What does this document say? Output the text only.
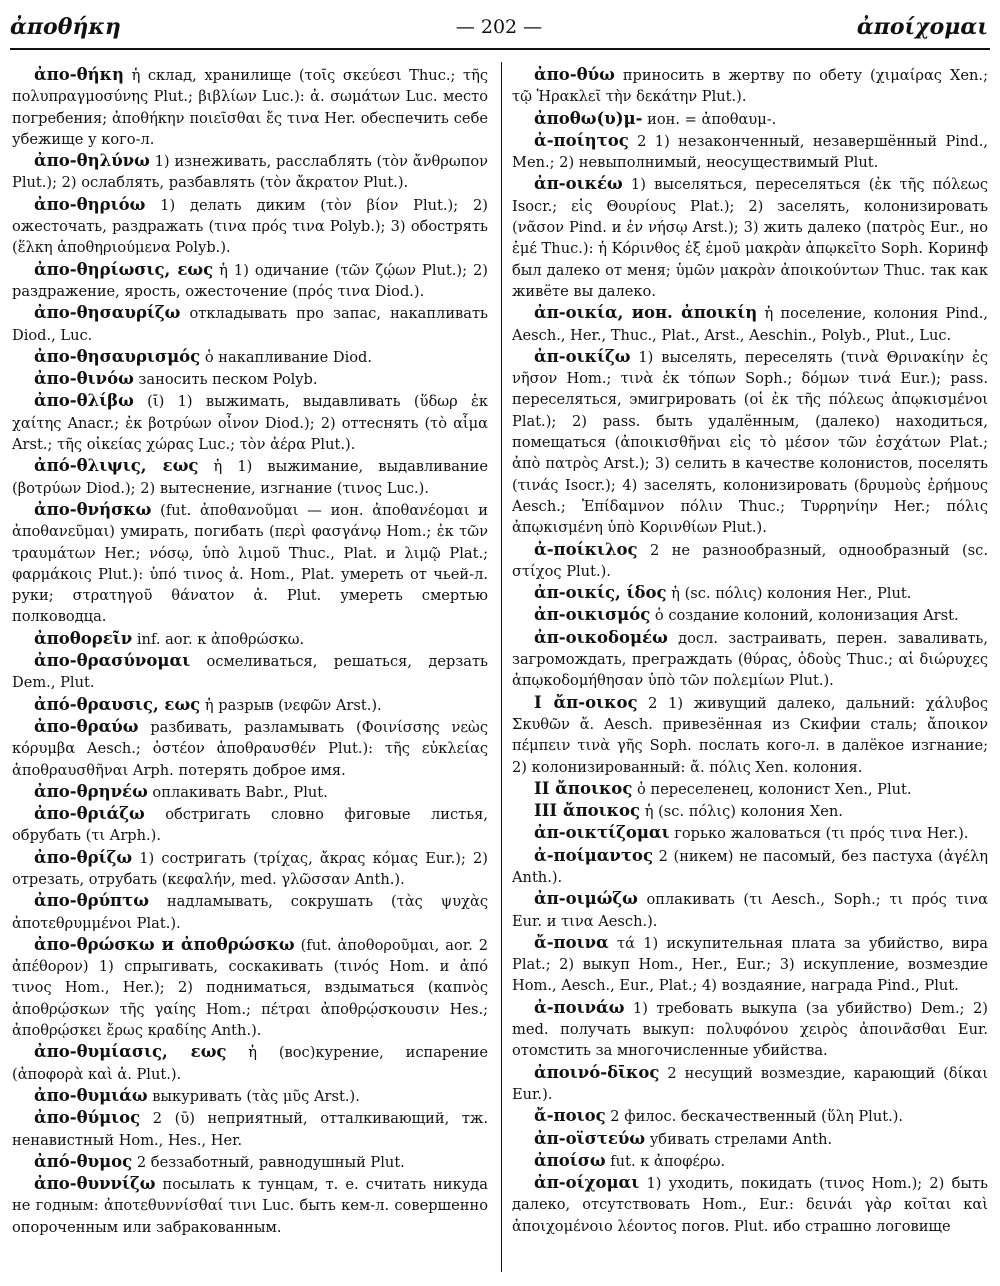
ἀποθήκη	— 202 —	ἀποίχομαι

ἀπο-θήκη ἡ склад, хранилище (τοῖς σκεύεσι Thuc.; τῆς πολυπραγμοσύνης Plut.; βιβλίων Luc.): ἀ. σωμάτων Luc. место погребения; ἀποθήκην ποιεῖσθαι ἔς τινα Her. обеспечить себе убежище у кого-л.

ἀπο-θηλύνω 1) изнеживать, расслаблять (τὸν ἄνθρωπον Plut.); 2) ослаблять, разбавлять (τὸν ἄκρατον Plut.).

ἀπο-θηριόω 1) делать диким (τὸν βίον Plut.); 2) ожесточать, раздражать (τινα πρός τινα Polyb.); 3) обострять (ἕλκη ἀποθηριούμενα Polyb.).

ἀπο-θηρίωσις, εως ἡ 1) одичание (τῶν ζῴων Plut.); 2) раздражение, ярость, ожесточение (πρός τινα Diod.).

ἀπο-θησαυρίζω откладывать про запас, накапливать Diod., Luc.

ἀπο-θησαυρισμός ὁ накапливание Diod.

ἀπο-θινόω заносить песком Polyb.

ἀπο-θλίβω (ῑ) 1) выжимать, выдавливать (ὕδωρ ἐκ χαίτης Anacr.; ἐκ βοτρύων οἶνον Diod.); 2) оттеснять (τὸ αἷμα Arst.; τῆς οἰκείας χώρας Luc.; τὸν ἀέρα Plut.).

ἀπό-θλιψις, εως ἡ 1) выжимание, выдавливание (βοτρύων Diod.); 2) вытеснение, изгнание (τινος Luc.).

ἀπο-θνήσκω (fut. ἀποθανοῦμαι — ион. ἀποθανέομαι и ἀποθανεῦμαι) умирать, погибать (περὶ φασγάνῳ Hom.; ἐκ τῶν τραυμάτων Her.; νόσῳ, ὑπὸ λιμοῦ Thuc., Plat. и λιμῷ Plat.; φαρμάκοις Plut.): ὑπό τινος ἀ. Hom., Plat. умереть от чьей-л. руки; στρατηγοῦ θάνατον ἀ. Plut. умереть смертью полководца.

ἀποθορεῖν inf. aor. к ἀποθρώσκω.

ἀπο-θρασύνομαι осмеливаться, решаться, дерзать Dem., Plut.

ἀπό-θραυσις, εως ἡ разрыв (νεφῶν Arst.).

ἀπο-θραύω разбивать, разламывать (Φοινίσσης νεὼς κόρυμβα Aesch.; ὀστέον ἀποθραυσθέν Plut.): τῆς εὐκλείας ἀποθραυσθῆναι Arph. потерять доброе имя.

ἀπο-θρηνέω оплакивать Babr., Plut.

ἀπο-θριάζω обстригать словно фиговые листья, обрубать (τι Arph.).

ἀπο-θρίζω 1) состригать (τρίχας, ἄκρας κόμας Eur.); 2) отрезать, отрубать (κεφαλήν, med. γλῶσσαν Anth.).

ἀπο-θρύπτω надламывать, сокрушать (τὰς ψυχὰς ἀποτεθρυμμένοι Plat.).

ἀπο-θρώσκω и ἀποθρώσκω (fut. ἀποθοροῦμαι, aor. 2 ἀπέθορον) 1) спрыгивать, соскакивать (τινός Hom. и ἀπό τινος Hom., Her.); 2) подниматься, вздыматься (καπνὸς ἀποθρῴσκων τῆς γαίης Hom.; πέτραι ἀποθρῴσκουσιν Hes.; ἀποθρῴσκει ἔρως κραδίης Anth.).

ἀπο-θυμίασις, εως ἡ (вос)курение, испарение (ἀποφορὰ καὶ ἀ. Plut.).

ἀπο-θυμιάω выкуривать (τὰς μῦς Arst.).

ἀπο-θύμιος 2 (ῡ) неприятный, отталкивающий, тж. ненавистный Hom., Hes., Her.

ἀπό-θυμος 2 беззаботный, равнодушный Plut.

ἀπο-θυννίζω посылать к тунцам, т. е. считать никуда не годным: ἀποτεθυννίσθαί τινι Luc. быть кем-л. совершенно опороченным или забракованным.

ἀπο-θύω приносить в жертву по обету (χιμαίρας Xen.; τῷ Ἡρακλεῖ τὴν δεκάτην Plut.).

ἀποθω(υ)μ- ион. = ἀποθαυμ-.

ἀ-ποίητος 2 1) незаконченный, незавершённый Pind., Men.; 2) невыполнимый, неосуществимый Plut.

ἀπ-οικέω 1) выселяться, переселяться (ἐκ τῆς πόλεως Isocr.; εἰς Θουρίους Plat.); 2) заселять, колонизировать (νᾶσον Pind. и ἐν νήσῳ Arst.); 3) жить далеко (πατρὸς Eur., но ἐμέ Thuc.): ἡ Κόρινθος ἐξ ἐμοῦ μακρὰν ἀπῳκεῖτο Soph. Коринф был далеко от меня; ὑμῶν μακρὰν ἀποικούντων Thuc. так как живёте вы далеко.

ἀπ-οικία, ион. ἀποικίη ἡ поселение, колония Pind., Aesch., Her., Thuc., Plat., Arst., Aeschin., Polyb., Plut., Luc.

ἀπ-οικίζω 1) выселять, переселять (τινὰ Θρινακίην ἐς νῆσον Hom.; τινὰ ἐκ τόπων Soph.; δόμων τινά Eur.); pass. переселяться, эмигрировать (οἱ ἐκ τῆς πόλεως ἀπῳκισμένοι Plat.); 2) pass. быть удалённым, (далеко) находиться, помещаться (ἀποικισθῆναι εἰς τὸ μέσον τῶν ἐσχάτων Plat.; ἀπὸ πατρὸς Arst.); 3) селить в качестве колонистов, поселять (τινάς Isocr.); 4) заселять, колонизировать (δρυμοὺς ἐρήμους Aesch.; Ἐπίδαμνον πόλιν Thuc.; Τυρρηνίην Her.; πόλις ἀπῳκισμένη ὑπὸ Κορινθίων Plut.).

ἀ-ποίκιλος 2 не разнообразный, однообразный (sc. στίχος Plut.).

ἀπ-οικίς, ίδος ἡ (sc. πόλις) колония Her., Plut.

ἀπ-οικισμός ὁ создание колоний, колонизация Arst.

ἀπ-οικοδομέω досл. застраивать, перен. заваливать, загромождать, преграждать (θύρας, ὁδοὺς Thuc.; αἱ διώρυχες ἀπῳκοδομήθησαν ὑπὸ τῶν πολεμίων Plut.).

I ἄπ-οικος 2 1) живущий далеко, дальний: χάλυβος Σκυθῶν ἄ. Aesch. привезённая из Скифии сталь; ἄποικον πέμπειν τινὰ γῆς Soph. послать кого-л. в далёкое изгнание; 2) колонизированный: ἄ. πόλις Xen. колония.

II ἄποικος ὁ переселенец, колонист Xen., Plut.

III ἄποικος ἡ (sc. πόλις) колония Xen.

ἀπ-οικτίζομαι горько жаловаться (τι πρός τινα Her.).

ἀ-ποίμαντος 2 (никем) не пасомый, без пастуха (ἀγέλη Anth.).

ἀπ-οιμώζω оплакивать (τι Aesch., Soph.; τι πρός τινα Eur. и τινα Aesch.).

ἄ-ποινα τά 1) искупительная плата за убийство, вира Plat.; 2) выкуп Hom., Her., Eur.; 3) искупление, возмездие Hom., Aesch., Eur., Plat.; 4) воздаяние, награда Pind., Plut.

ἀ-ποινάω 1) требовать выкупа (за убийство) Dem.; 2) med. получать выкуп: πολυφόνου χειρὸς ἀποινᾶσθαι Eur. отомстить за многочисленные убийства.

ἀποινό-δῑκος 2 несущий возмездие, карающий (δίκαι Eur.).

ἄ-ποιος 2 филос. бескачественный (ὕλη Plut.).

ἀπ-οϊστεύω убивать стрелами Anth.

ἀποίσω fut. к ἀποφέρω.

ἀπ-οίχομαι 1) уходить, покидать (τινος Hom.); 2) быть далеко, отсутствовать Hom., Eur.: δεινάι γὰρ κοῖται καὶ ἀποιχομένοιο λέοντος погов. Plut. ибо страшно логовище
